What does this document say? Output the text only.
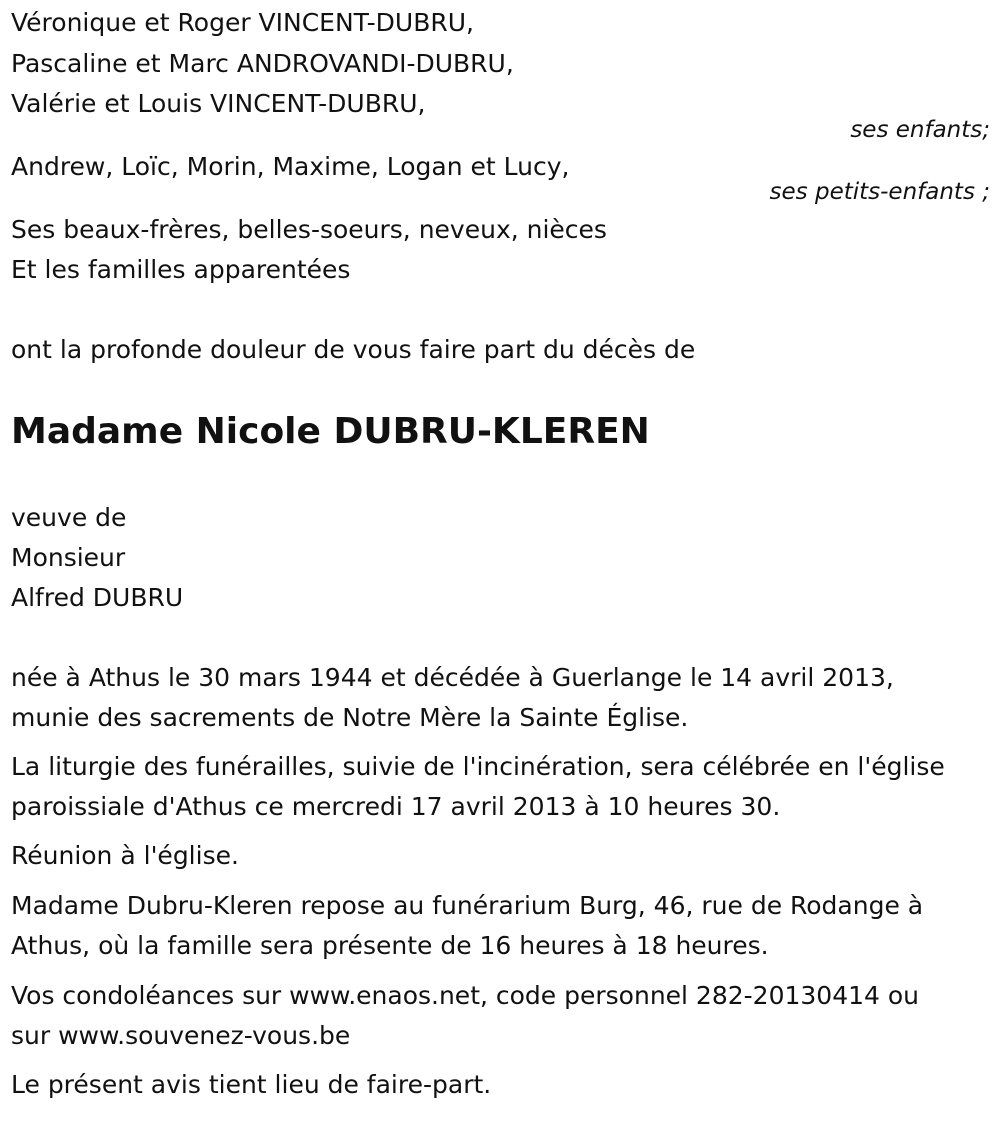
Véronique et Roger VINCENT-DUBRU,

Pascaline et Marc ANDROVANDI-DUBRU,

Valérie et Louis VINCENT-DUBRU,

ses enfants;

Andrew, Loïc, Morin, Maxime, Logan et Lucy,

ses petits-enfants ;

Ses beaux-frères, belles-soeurs, neveux, nièces

Et les familles apparentées

ont la profonde douleur de vous faire part du décès de

Madame Nicole DUBRU-KLEREN

veuve de

Monsieur

Alfred DUBRU

née à Athus le 30 mars 1944 et décédée à Guerlange le 14 avril 2013,

munie des sacrements de Notre Mère la Sainte Église.

La liturgie des funérailles, suivie de l'incinération, sera célébrée en l'église

paroissiale d'Athus ce mercredi 17 avril 2013 à 10 heures 30.

Réunion à l'église.

Madame Dubru-Kleren repose au funérarium Burg, 46, rue de Rodange à

Athus, où la famille sera présente de 16 heures à 18 heures.

Vos condoléances sur www.enaos.net, code personnel 282-20130414 ou

sur www.souvenez-vous.be

Le présent avis tient lieu de faire-part.
